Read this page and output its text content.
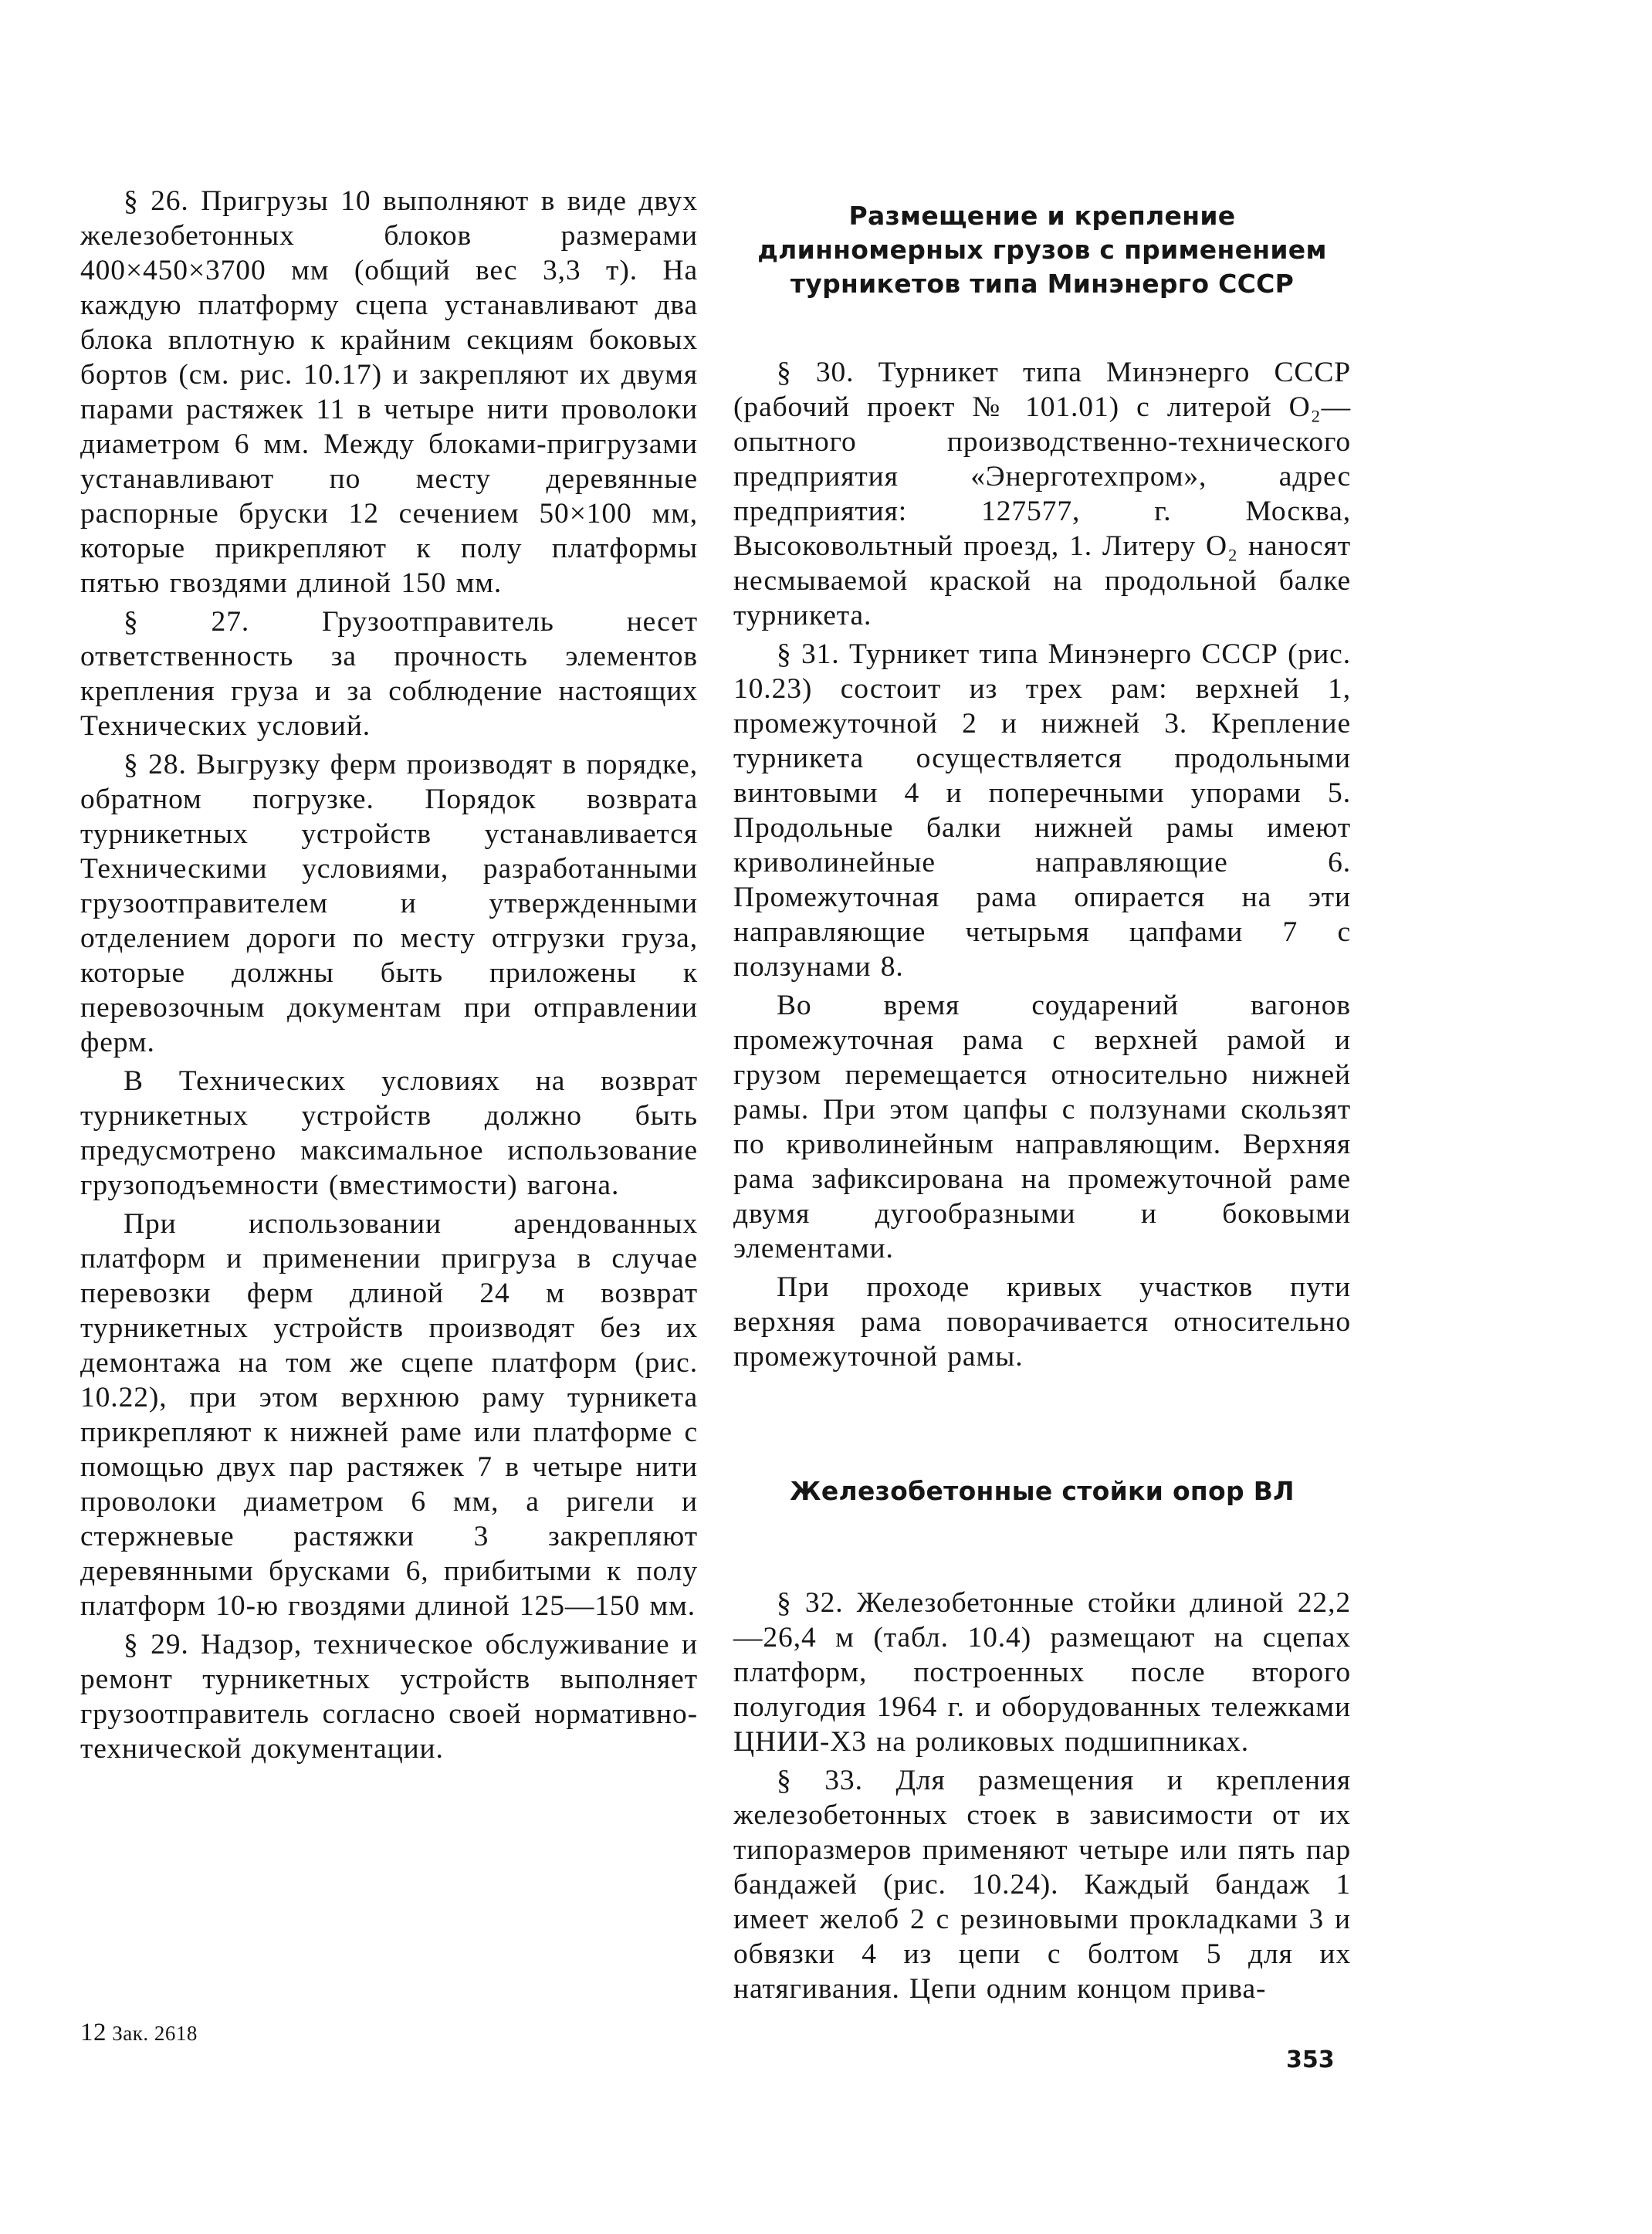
§ 26. Пригрузы 10 выполняют в виде двух железобетонных блоков размерами 400×450×3700 мм (общий вес 3,3 т). На каждую платформу сцепа устанавливают два блока вплотную к крайним секциям боковых бортов (см. рис. 10.17) и закрепляют их двумя парами растяжек 11 в четыре нити проволоки диаметром 6 мм. Между блоками-пригрузами устанавливают по месту деревянные распорные бруски 12 сечением 50×100 мм, которые прикрепляют к полу платформы пятью гвоздями длиной 150 мм.

§ 27. Грузоотправитель несет ответственность за прочность элементов крепления груза и за соблюдение настоящих Технических условий.

§ 28. Выгрузку ферм производят в порядке, обратном погрузке. Порядок возврата турникетных устройств устанавливается Техническими условиями, разработанными грузоотправителем и утвержденными отделением дороги по месту отгрузки груза, которые должны быть приложены к перевозочным документам при отправлении ферм.

В Технических условиях на возврат турникетных устройств должно быть предусмотрено максимальное использование грузоподъемности (вместимости) вагона.

При использовании арендованных платформ и применении пригруза в случае перевозки ферм длиной 24 м возврат турникетных устройств производят без их демонтажа на том же сцепе платформ (рис. 10.22), при этом верхнюю раму турникета прикрепляют к нижней раме или платформе с помощью двух пар растяжек 7 в четыре нити проволоки диаметром 6 мм, а ригели и стержневые растяжки 3 закрепляют деревянными брусками 6, прибитыми к полу платформ 10-ю гвоздями длиной 125—150 мм.

§ 29. Надзор, техническое обслуживание и ремонт турникетных устройств выполняет грузоотправитель согласно своей нормативно-технической документации.

Размещение и крепление длинномерных грузов с применением турникетов типа Минэнерго СССР

§ 30. Турникет типа Минэнерго СССР (рабочий проект № 101.01) с литерой О₂—опытного производственно-технического предприятия «Энерготехпром», адрес предприятия: 127577, г. Москва, Высоковольтный проезд, 1. Литеру О₂ наносят несмываемой краской на продольной балке турникета.

§ 31. Турникет типа Минэнерго СССР (рис. 10.23) состоит из трех рам: верхней 1, промежуточной 2 и нижней 3. Крепление турникета осуществляется продольными винтовыми 4 и поперечными упорами 5. Продольные балки нижней рамы имеют криволинейные направляющие 6. Промежуточная рама опирается на эти направляющие четырьмя цапфами 7 с ползунами 8.

Во время соударений вагонов промежуточная рама с верхней рамой и грузом перемещается относительно нижней рамы. При этом цапфы с ползунами скользят по криволинейным направляющим. Верхняя рама зафиксирована на промежуточной раме двумя дугообразными и боковыми элементами.

При проходе кривых участков пути верхняя рама поворачивается относительно промежуточной рамы.

Железобетонные стойки опор ВЛ

§ 32. Железобетонные стойки длиной 22,2—26,4 м (табл. 10.4) размещают на сцепах платформ, построенных после второго полугодия 1964 г. и оборудованных тележками ЦНИИ-Х3 на роликовых подшипниках.

§ 33. Для размещения и крепления железобетонных стоек в зависимости от их типоразмеров применяют четыре или пять пар бандажей (рис. 10.24). Каждый бандаж 1 имеет желоб 2 с резиновыми прокладками 3 и обвязки 4 из цепи с болтом 5 для их натягивания. Цепи одним концом прива-

12 Зак. 2618
353
